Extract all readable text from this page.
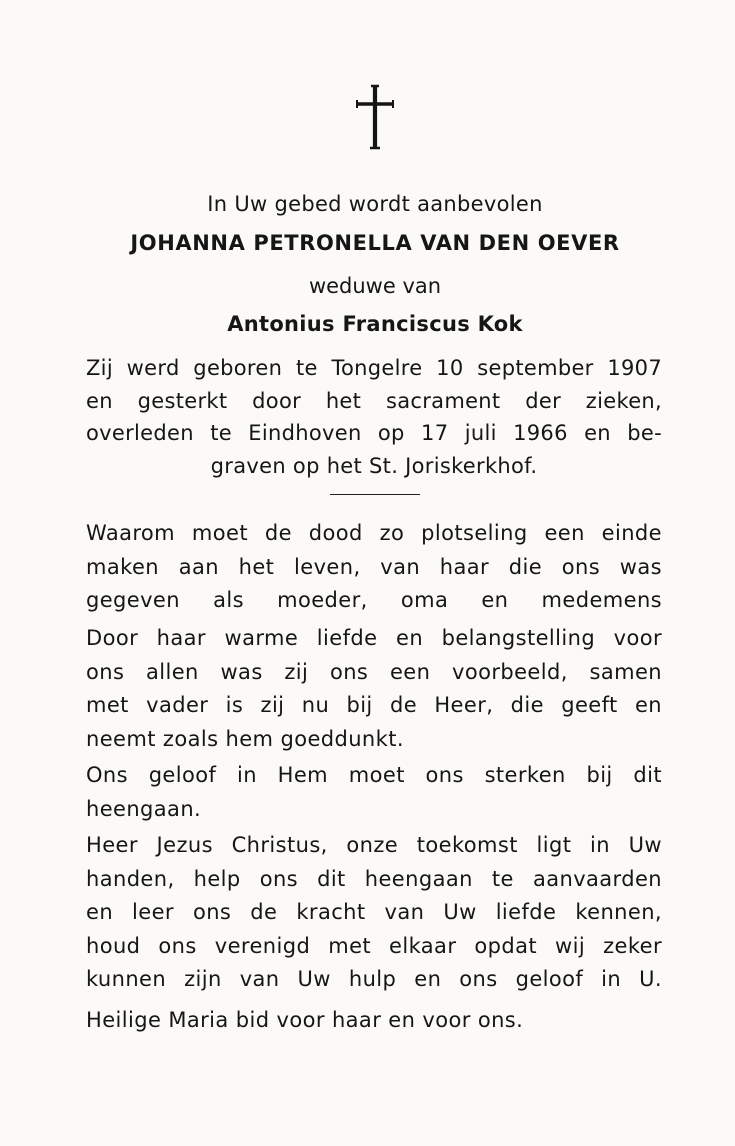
In Uw gebed wordt aanbevolen
JOHANNA PETRONELLA VAN DEN OEVER
weduwe van
Antonius Franciscus Kok
Zij werd geboren te Tongelre 10 september 1907
en gesterkt door het sacrament der zieken,
overleden te Eindhoven op 17 juli 1966 en be-
graven op het St. Joriskerkhof.
Waarom moet de dood zo plotseling een einde
maken aan het leven, van haar die ons was
gegeven als moeder, oma en medemens
Door haar warme liefde en belangstelling voor
ons allen was zij ons een voorbeeld, samen
met vader is zij nu bij de Heer, die geeft en
neemt zoals hem goeddunkt.
Ons geloof in Hem moet ons sterken bij dit
heengaan.
Heer Jezus Christus, onze toekomst ligt in Uw
handen, help ons dit heengaan te aanvaarden
en leer ons de kracht van Uw liefde kennen,
houd ons verenigd met elkaar opdat wij zeker
kunnen zijn van Uw hulp en ons geloof in U.
Heilige Maria bid voor haar en voor ons.
